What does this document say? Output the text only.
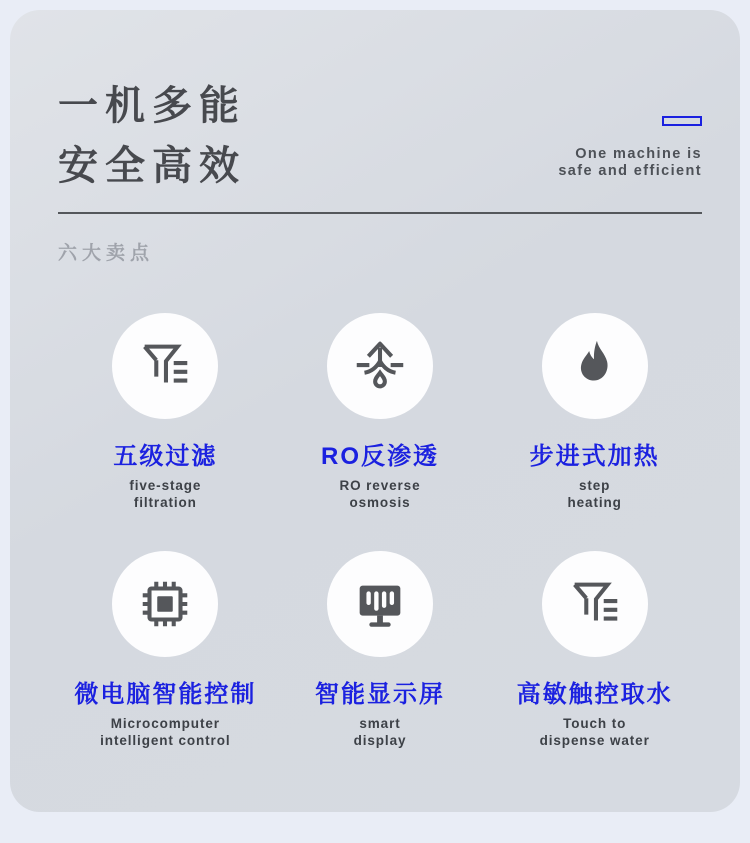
一机多能
安全高效	One machine is
safe and efficient
六大卖点
五级过滤
five-stage
filtration
RO反渗透
RO reverse
osmosis
步进式加热
step
heating
微电脑智能控制
Microcomputer
intelligent control
智能显示屏
smart
display
高敏触控取水
Touch to
dispense water
